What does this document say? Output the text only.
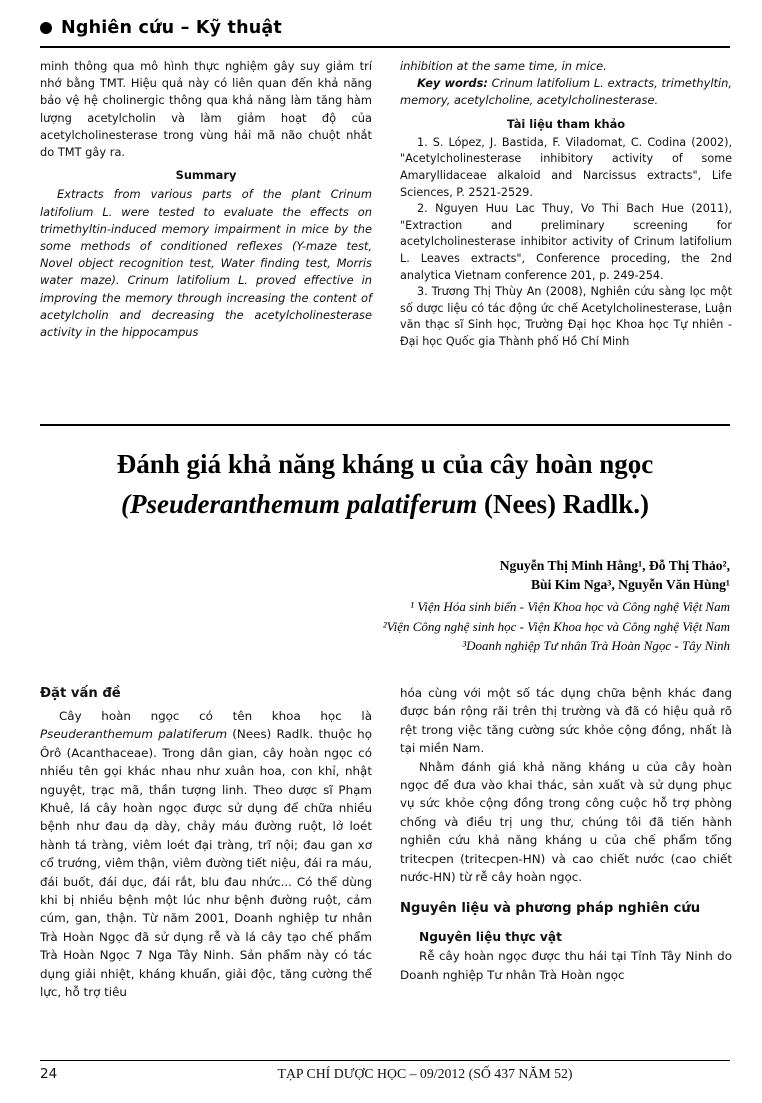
Nghiên cứu – Kỹ thuật

minh thông qua mô hình thực nghiệm gây suy giảm trí nhớ bằng TMT. Hiệu quả này có liên quan đến khả năng bảo vệ hệ cholinergic thông qua khả năng làm tăng hàm lượng acetylcholin và làm giảm hoạt độ của acetylcholinesterase trong vùng hải mã não chuột nhắt do TMT gây ra.

Summary

Extracts from various parts of the plant Crinum latifolium L. were tested to evaluate the effects on trimethyltin-induced memory impairment in mice by the some methods of conditioned reflexes (Y-maze test, Novel object recognition test, Water finding test, Morris water maze). Crinum latifolium L. proved effective in improving the memory through increasing the content of acetylcholin and decreasing the acetylcholinesterase activity in the hippocampus

inhibition at the same time, in mice.

Key words: Crinum latifolium L. extracts, trimethyltin, memory, acetylcholine, acetylcholinesterase.

Tài liệu tham khảo

1. S. López, J. Bastida, F. Viladomat, C. Codina (2002), "Acetylcholinesterase inhibitory activity of some Amaryllidaceae alkaloid and Narcissus extracts", Life Sciences, P. 2521-2529.

2. Nguyen Huu Lac Thuy, Vo Thi Bach Hue (2011), "Extraction and preliminary screening for acetylcholinesterase inhibitor activity of Crinum latifolium L. Leaves extracts", Conference proceding, the 2nd analytica Vietnam conference 201, p. 249-254.

3. Trương Thị Thùy An (2008), Nghiên cứu sàng lọc một số dược liệu có tác động ức chế Acetylcholinesterase, Luận văn thạc sĩ Sinh học, Trường Đại học Khoa học Tự nhiên - Đại học Quốc gia Thành phố Hồ Chí Minh

Đánh giá khả năng kháng u của cây hoàn ngọc
(Pseuderanthemum palatiferum (Nees) Radlk.)
Nguyễn Thị Minh Hằng¹, Đỗ Thị Thảo²,
Bùi Kim Nga³, Nguyễn Văn Hùng¹
¹ Viện Hóa sinh biển - Viện Khoa học và Công nghệ Việt Nam
²Viện Công nghệ sinh học - Viện Khoa học và Công nghệ Việt Nam
³Doanh nghiệp Tư nhân Trà Hoàn Ngọc - Tây Ninh
Đặt vấn đề

Cây hoàn ngọc có tên khoa học là Pseuderanthemum palatiferum (Nees) Radlk. thuộc họ Ôrô (Acanthaceae). Trong dân gian, cây hoàn ngọc có nhiều tên gọi khác nhau như xuân hoa, con khỉ, nhật nguyệt, trạc mã, thần tượng linh. Theo dược sĩ Phạm Khuê, lá cây hoàn ngọc được sử dụng để chữa nhiều bệnh như đau dạ dày, chảy máu đường ruột, lở loét hành tá tràng, viêm loét đại tràng, trĩ nội; đau gan xơ cổ trướng, viêm thận, viêm đường tiết niệu, đái ra máu, đái buốt, đái dục, đái rắt, blu đau nhức... Có thể dùng khi bị nhiều bệnh một lúc như bệnh đường ruột, cảm cúm, gan, thận. Từ năm 2001, Doanh nghiệp tư nhân Trà Hoàn Ngọc đã sử dụng rễ và lá cây tạo chế phẩm Trà Hoàn Ngọc 7 Nga Tây Ninh. Sản phẩm này có tác dụng giải nhiệt, kháng khuẩn, giải độc, tăng cường thể lực, hỗ trợ tiêu

hóa cùng với một số tác dụng chữa bệnh khác đang được bán rộng rãi trên thị trường và đã có hiệu quả rõ rệt trong việc tăng cường sức khỏe cộng đồng, nhất là tại miền Nam.

Nhằm đánh giá khả năng kháng u của cây hoàn ngọc để đưa vào khai thác, sản xuất và sử dụng phục vụ sức khỏe cộng đồng trong công cuộc hỗ trợ phòng chống và điều trị ung thư, chúng tôi đã tiến hành nghiên cứu khả năng kháng u của chế phẩm tổng tritecpen (tritecpen-HN) và cao chiết nước (cao chiết nước-HN) từ rễ cây hoàn ngọc.

Nguyên liệu và phương pháp nghiên cứu
Nguyên liệu thực vật

Rễ cây hoàn ngọc được thu hái tại Tỉnh Tây Ninh do Doanh nghiệp Tư nhân Trà Hoàn ngọc

24	TẠP CHÍ DƯỢC HỌC – 09/2012 (SỐ 437 NĂM 52)
